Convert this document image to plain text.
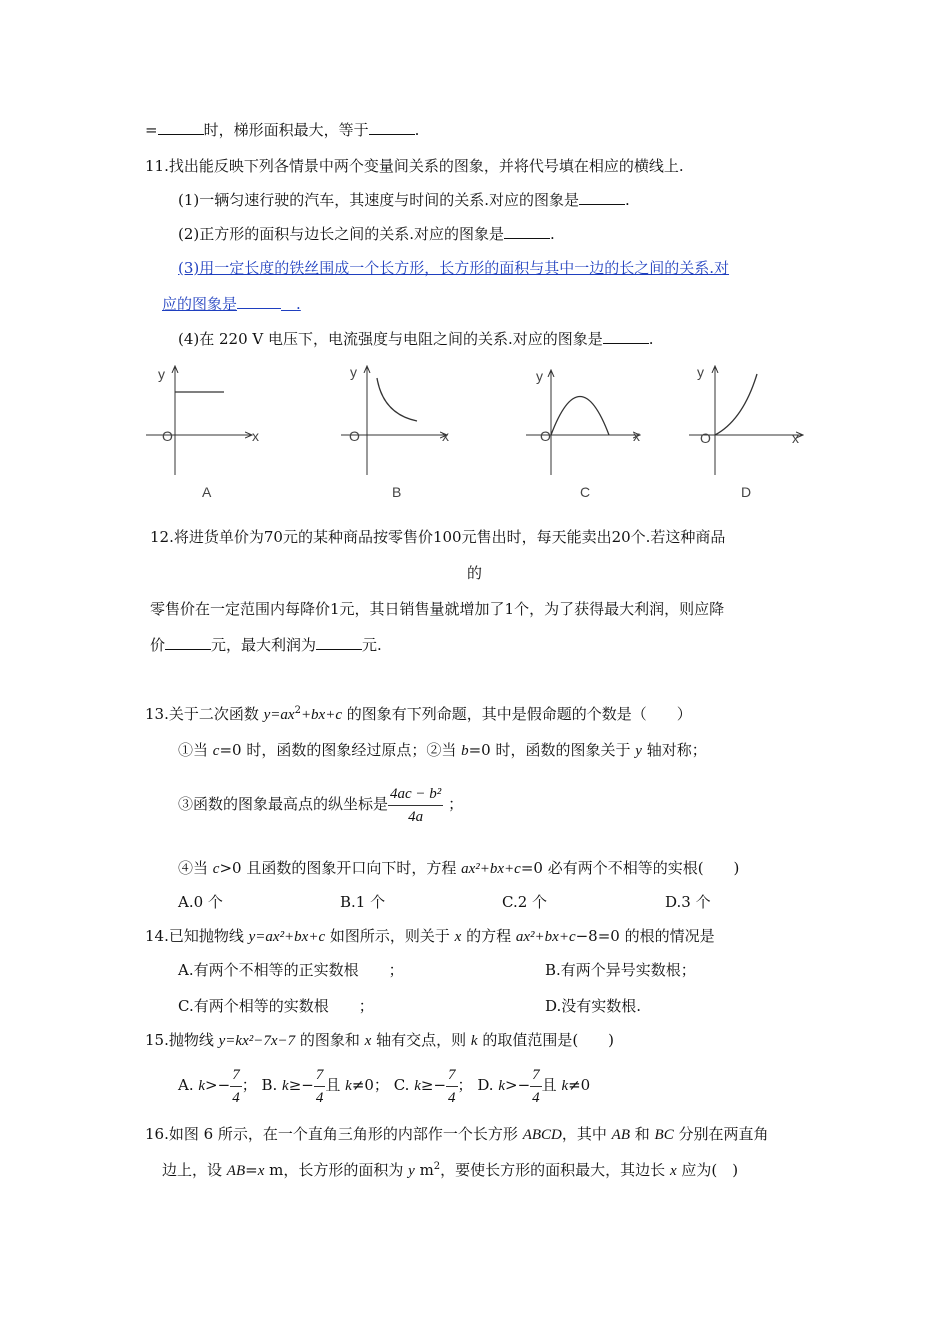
=	时，梯形面积最大，等于	.
11.找出能反映下列各情景中两个变量间关系的图象，并将代号填在相应的横线上.
(1)一辆匀速行驶的汽车，其速度与时间的关系.对应的图象是	.
(2)正方形的面积与边长之间的关系.对应的图象是	.
(3)用一定长度的铁丝围成一个长方形，长方形的面积与其中一边的长之间的关系.对
应的图象是　	.
(4)在 220 V 电压下，电流强度与电阻之间的关系.对应的图象是	.
y
O	x
A
y
O	x
B
y
O	x
C
y
O	x
D
12.将进货单价为70元的某种商品按零售价100元售出时，每天能卖出20个.若这种商品
的
零售价在一定范围内每降价1元，其日销售量就增加了1个，为了获得最大利润，则应降
价	元，最大利润为	元.
13.关于二次函数 $y=ax^2+bx+c$ 的图象有下列命题，其中是假命题的个数是（　　）
①当 c=0 时，函数的图象经过原点；②当 b=0 时，函数的图象关于 y 轴对称；
③函数的图象最高点的纵坐标是 $\frac{\text{4ac − b²}}{4a}$ ；
④当 c>0 且函数的图象开口向下时，方程 ax²+bx+c=0 必有两个不相等的实根(　　)
A.0 个	B.1 个	C.2 个	D.3 个
14.已知抛物线 y=ax²+bx+c 如图所示，则关于 x 的方程 ax²+bx+c−8=0 的根的情况是
A.有两个不相等的正实数根　　；	B.有两个异号实数根；
C.有两个相等的实数根　　；	D.没有实数根.
15.抛物线 y=kx²−7x−7 的图象和 x 轴有交点，则 k 的取值范围是(　　)
A. $k>- \frac{7}{4}$ ； B. $k\ge- \frac{7}{4}$ 且 k≠0； C. $k\ge- \frac{7}{4}$ ； D. $k>- \frac{7}{4}$ 且 k≠0
16.如图 6 所示，在一个直角三角形的内部作一个长方形 ABCD，其中 AB 和 BC 分别在两直角
边上，设 AB=x m，长方形的面积为 y $m^2$，要使长方形的面积最大，其边长 x 应为(　)
